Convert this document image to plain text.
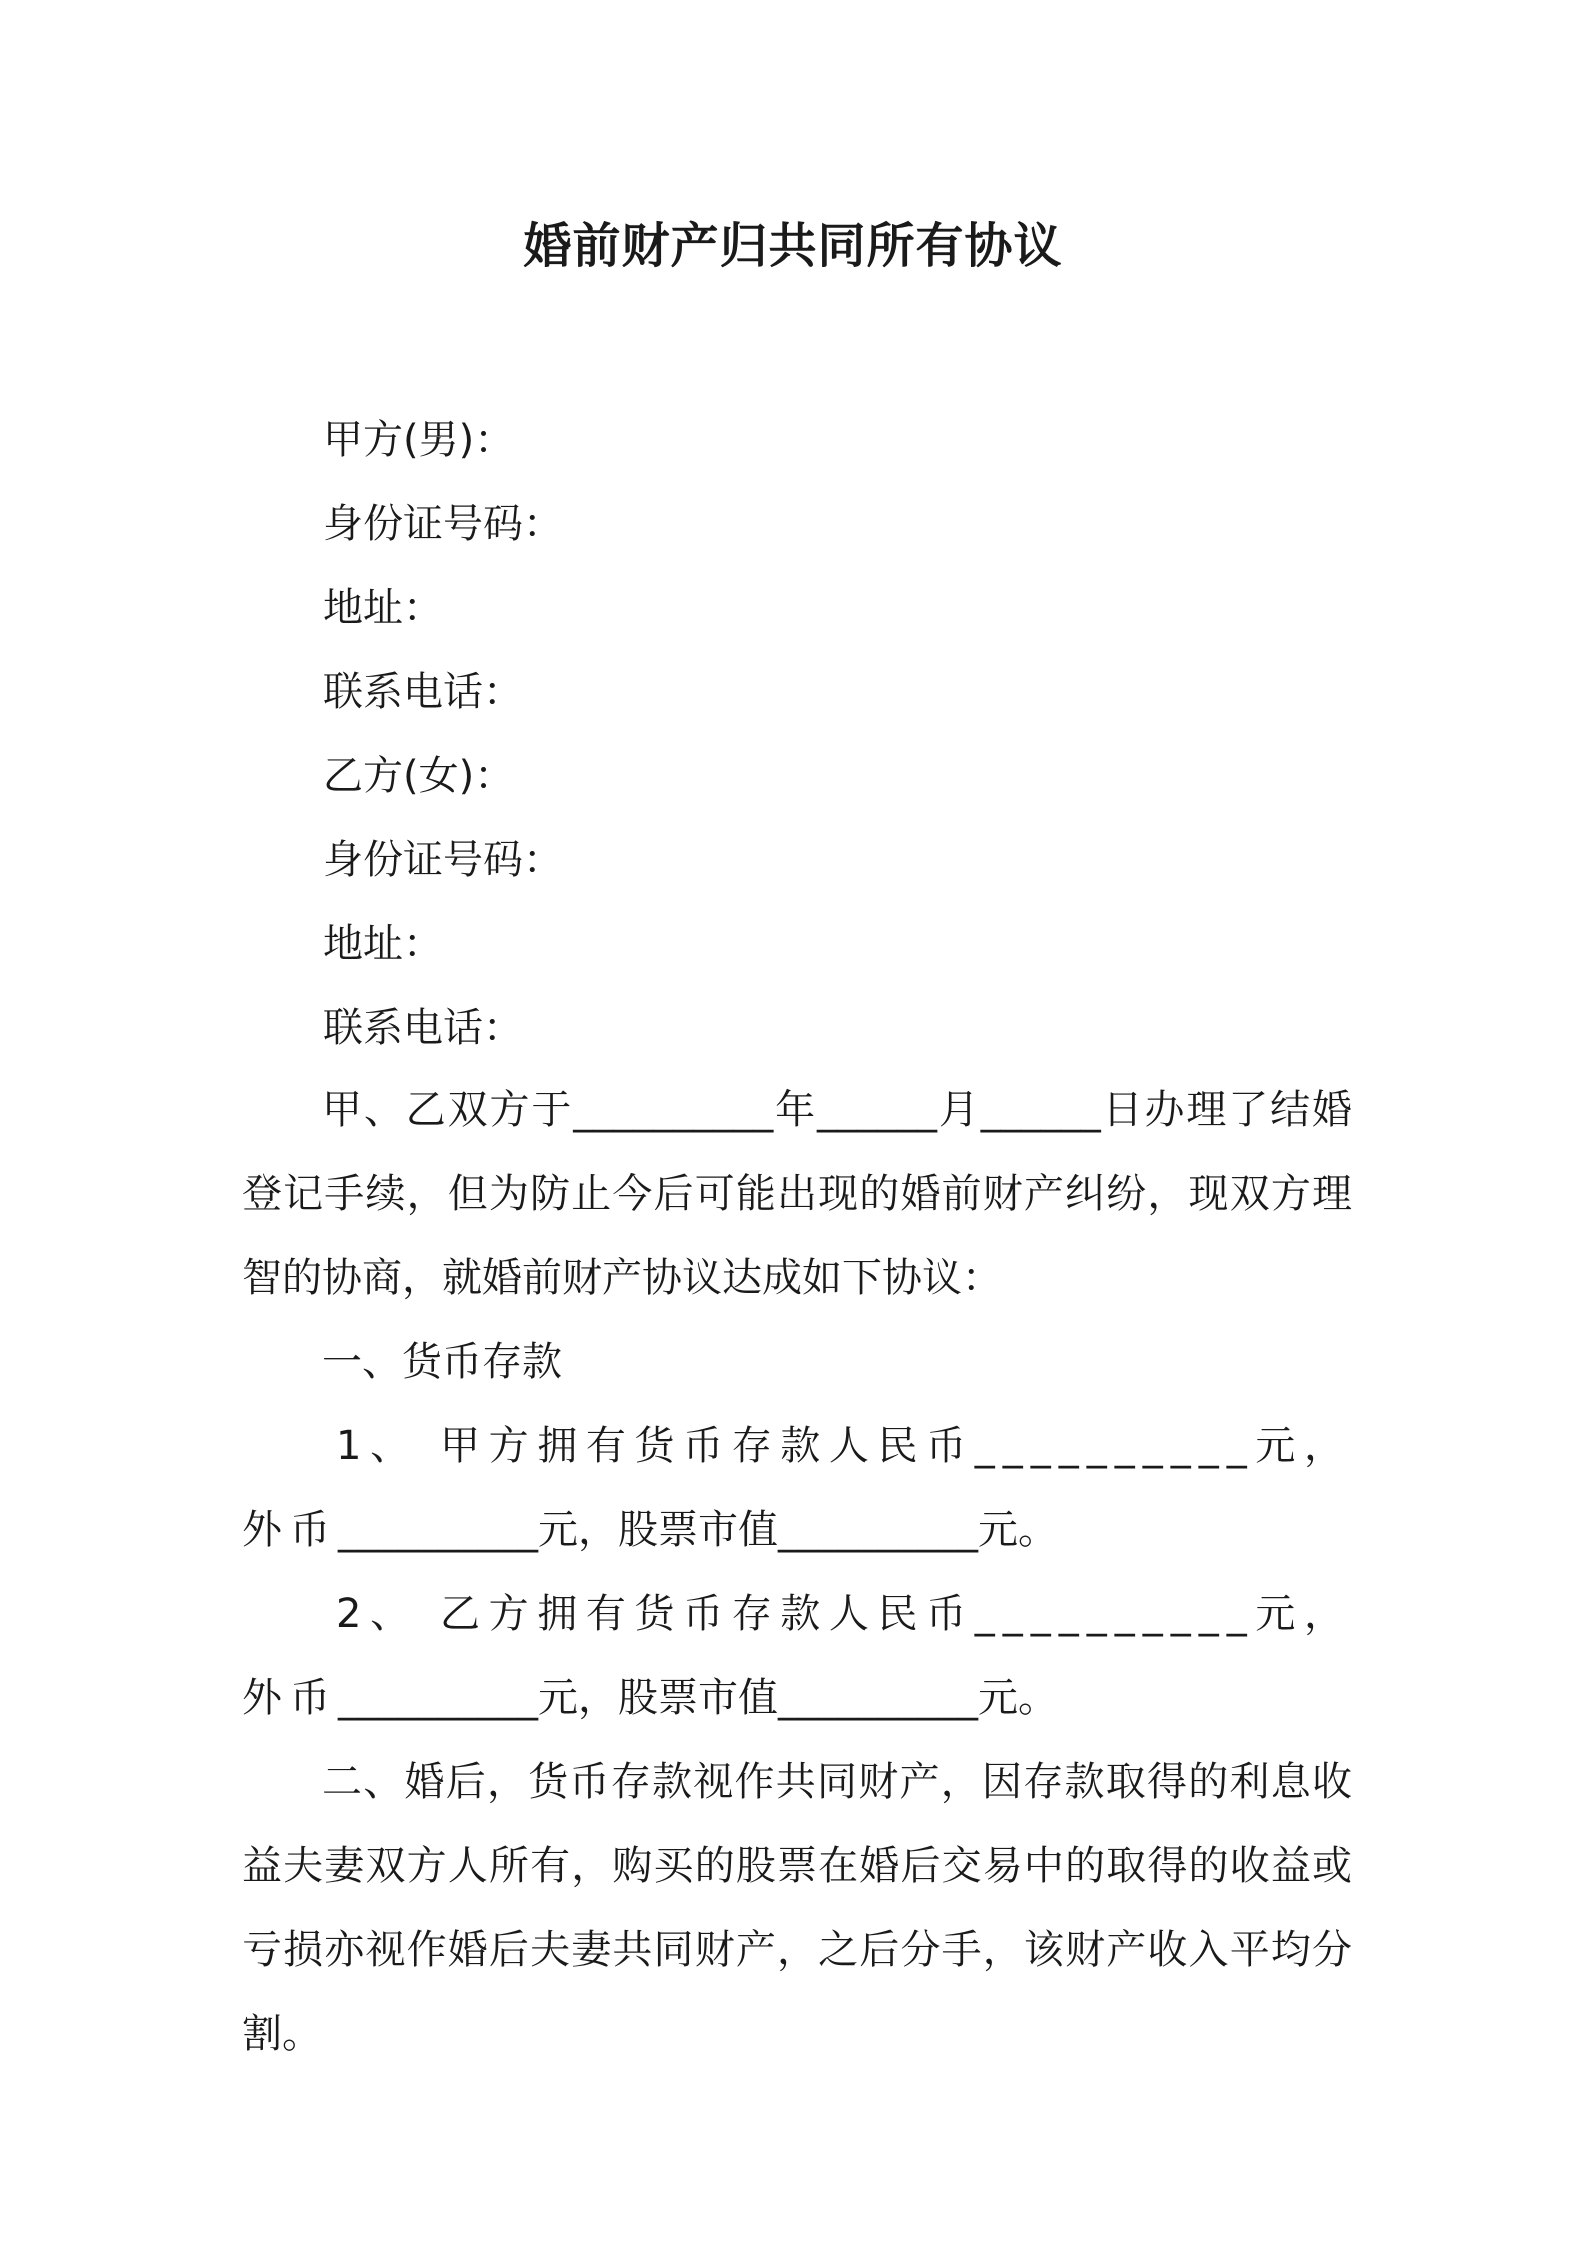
婚前财产归共同所有协议
甲方(男)：
身份证号码：
地址：
联系电话：
乙方(女)：
身份证号码：
地址：
联系电话：

甲、乙双方于__________年______月______日办理了结婚登记手续，但为防止今后可能出现的婚前财产纠纷，现双方理智的协商，就婚前财产协议达成如下协议：

一、货币存款

1、 甲方拥有货币存款人民币__________元，外币__________元，股票市值__________元。

2、 乙方拥有货币存款人民币__________元，外币__________元，股票市值__________元。

二、婚后，货币存款视作共同财产，因存款取得的利息收益夫妻双方人所有，购买的股票在婚后交易中的取得的收益或亏损亦视作婚后夫妻共同财产，之后分手，该财产收入平均分割。
